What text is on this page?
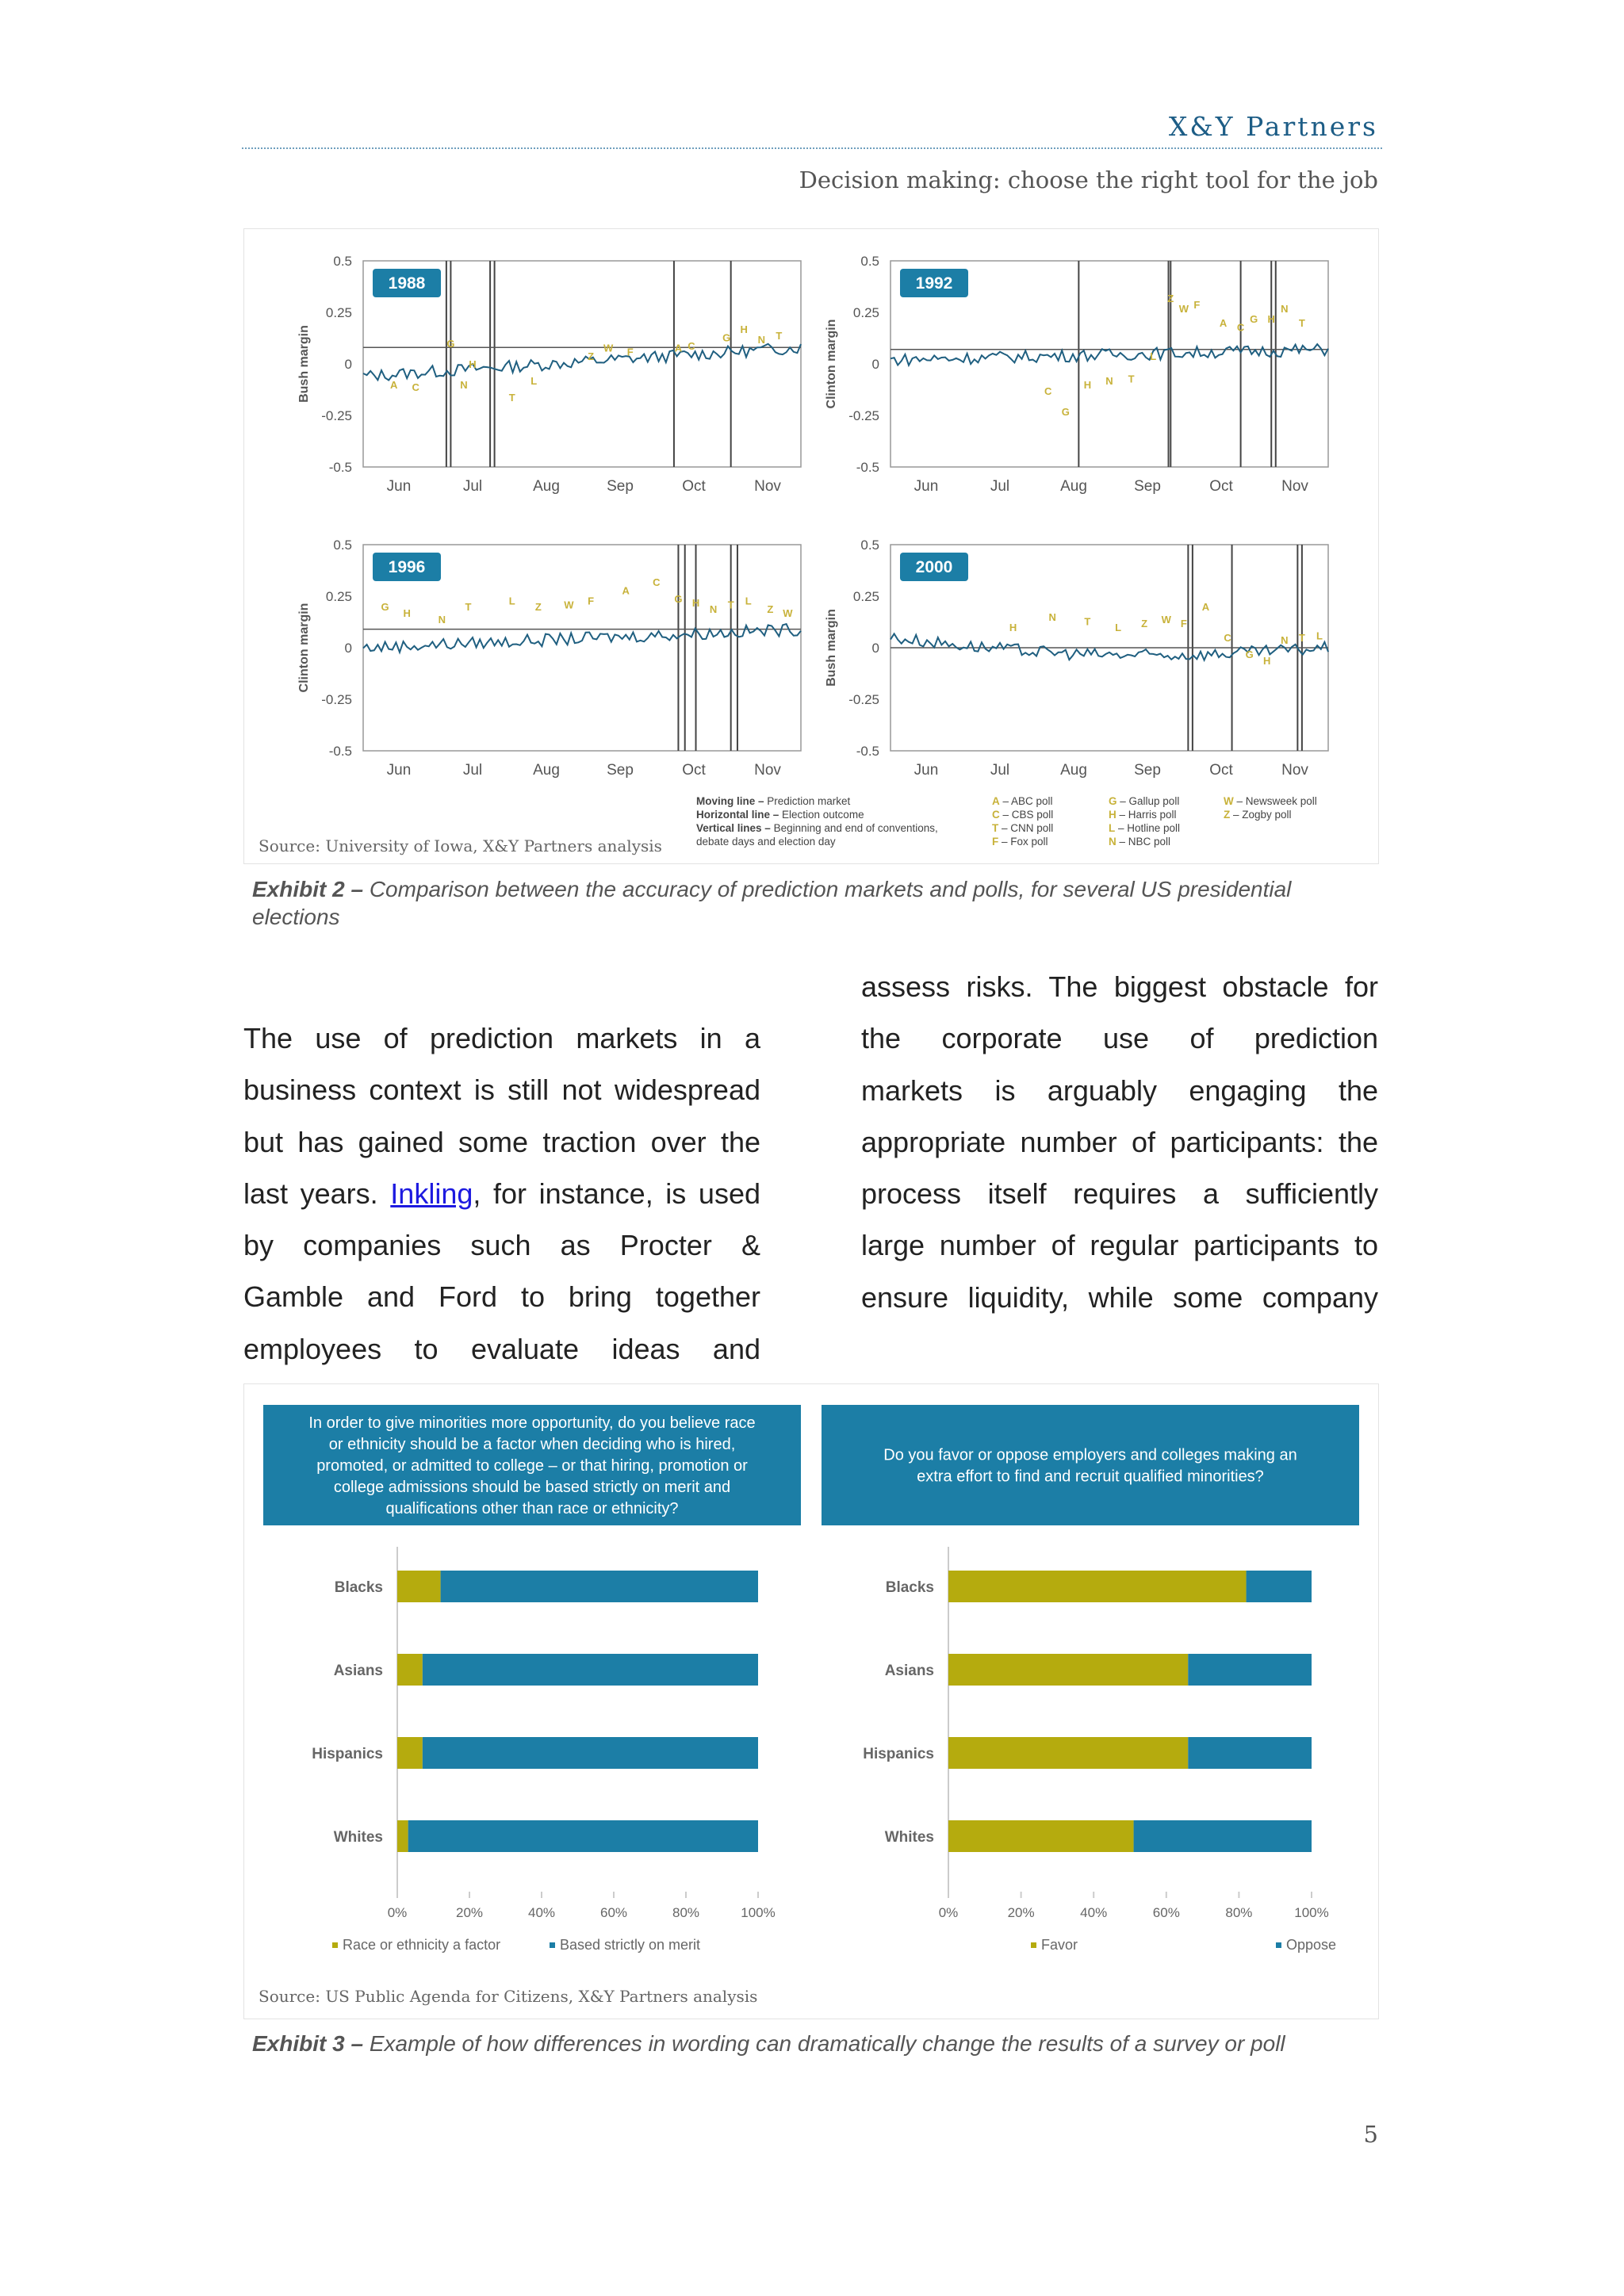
X&Y Partners
Decision making: choose the right tool for the job
0.5
0.25
0
-0.25
-0.5
Bush margin
Jun	Jul	Aug	Sep	Oct	Nov
A C
G
H
N
T
L
Z
W F	A C
G
H
N T
1988
0.5
0.25
0
-0.25
-0.5
Clinton margin
Jun	Jul	Aug	Sep	Oct	Nov
C
G
H N T
L
Z
W F
A C
G H
N
T
1992
0.5
0.25
0
-0.25
-0.5
Clinton margin
Jun	Jul	Aug	Sep	Oct	Nov
G
H
N
T
L
Z W F
A
C
G H
N T L
Z W
1996
0.5
0.25
0
-0.25
-0.5
Bush margin
Jun	Jul	Aug	Sep	Oct	Nov
H
N	T
L Z W F
A
C
G
H
N T L
2000
Moving line – Prediction market
Horizontal line – Election outcome
Vertical lines – Beginning and end of conventions,
debate days and election day
A – ABC poll
C – CBS poll
T – CNN poll
F – Fox poll
G – Gallup poll
H – Harris poll
L – Hotline poll
N – NBC poll
W – Newsweek poll
Z – Zogby poll
Source: University of Iowa, X&Y Partners analysis
Exhibit 2 – Comparison between the accuracy of prediction markets and polls, for several US presidential elections
The use of prediction markets in a
business context is still not widespread
but has gained some traction over the
last years. Inkling, for instance, is used
by companies such as Procter &
Gamble and Ford to bring together
employees to evaluate ideas and
assess risks. The biggest obstacle for
the corporate use of prediction
markets is arguably engaging the
appropriate number of participants: the
process itself requires a sufficiently
large number of regular participants to
ensure liquidity, while some company
In order to give minorities more opportunity, do you believe race
or ethnicity should be a factor when deciding who is hired,
promoted, or admitted to college – or that hiring, promotion or
college admissions should be based strictly on merit and
qualifications other than race or ethnicity?
0%	20%	40%	60%	80%	100%
Blacks
Asians
Hispanics
Whites
Race or ethnicity a factor	Based strictly on merit
Do you favor or oppose employers and colleges making an
extra effort to find and recruit qualified minorities?
0%	20%	40%	60%	80%	100%
Blacks
Asians
Hispanics
Whites
Favor	Oppose
Source: US Public Agenda for Citizens, X&Y Partners analysis
Exhibit 3 – Example of how differences in wording can dramatically change the results of a survey or poll
5
